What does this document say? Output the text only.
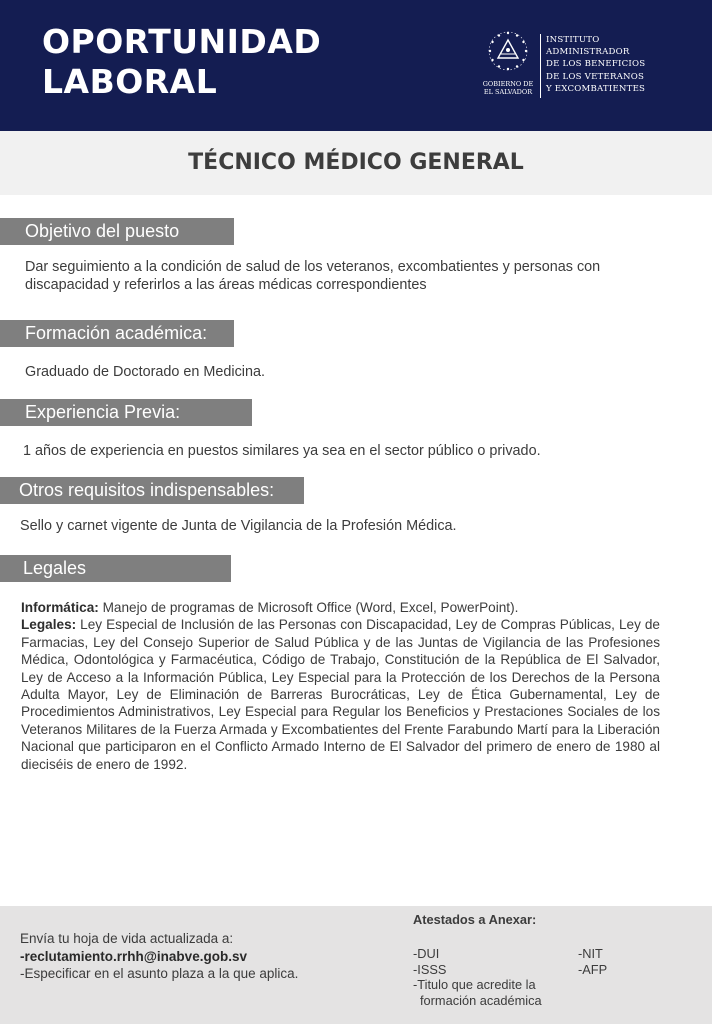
OPORTUNIDAD
LABORAL	GOBIERNO DE
EL SALVADOR
INSTITUTO
ADMINISTRADOR
DE LOS BENEFICIOS
DE LOS VETERANOS
Y EXCOMBATIENTES
TÉCNICO MÉDICO GENERAL
Objetivo del puesto

Dar seguimiento a la condición de salud de los veteranos, excombatientes y personas con discapacidad y referirlos a las áreas médicas correspondientes

Formación académica:

Graduado de Doctorado en Medicina.

Experiencia Previa:

1 años de experiencia en puestos similares ya sea en el sector público o privado.

Otros requisitos indispensables:

Sello y carnet vigente de Junta de Vigilancia de la Profesión Médica.

Legales
Informática: Manejo de programas de Microsoft Office (Word, Excel, PowerPoint).
Legales: Ley Especial de Inclusión de las Personas con Discapacidad, Ley de Compras Públicas, Ley de Farmacias, Ley del Consejo Superior de Salud Pública y de las Juntas de Vigilancia de las Profesiones Médica, Odontológica y Farmacéutica, Código de Trabajo, Constitución de la República de El Salvador, Ley de Acceso a la Información Pública, Ley Especial para la Protección de los Derechos de la Persona Adulta Mayor, Ley de Eliminación de Barreras Burocráticas, Ley de Ética Gubernamental, Ley de Procedimientos Administrativos, Ley Especial para Regular los Beneficios y Prestaciones Sociales de los Veteranos Militares de la Fuerza Armada y Excombatientes del Frente Farabundo Martí para la Liberación Nacional que participaron en el Conflicto Armado Interno de El Salvador del primero de enero de 1980 al dieciséis de enero de 1992.
Envía tu hoja de vida actualizada a:
-reclutamiento.rrhh@inabve.gob.sv
-Especificar en el asunto plaza a la que aplica.
Atestados a Anexar:
-DUI
-ISSS
-Titulo que acredite la
formación académica
-NIT
-AFP
